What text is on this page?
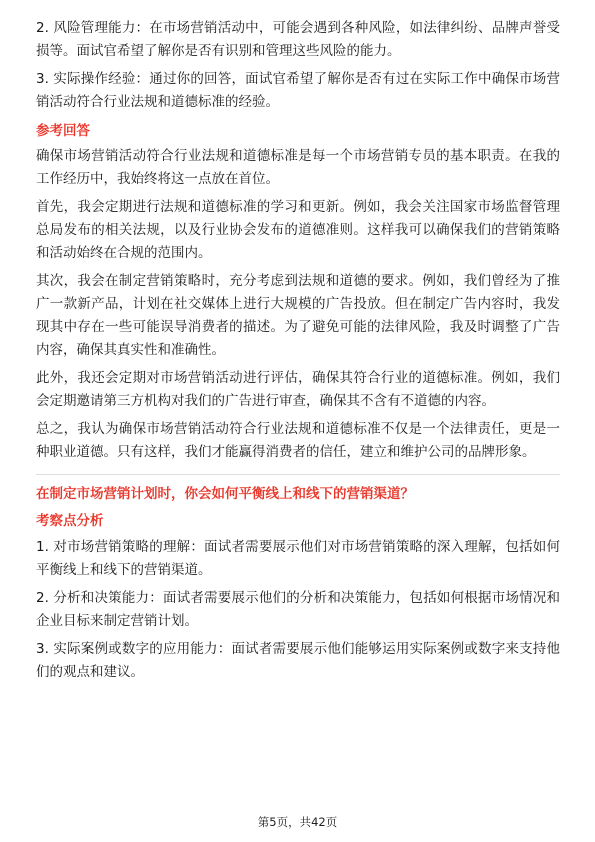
2. 风险管理能力：在市场营销活动中，可能会遇到各种风险，如法律纠纷、品牌声誉受损等。面试官希望了解你是否有识别和管理这些风险的能力。

3. 实际操作经验：通过你的回答，面试官希望了解你是否有过在实际工作中确保市场营销活动符合行业法规和道德标准的经验。

参考回答

确保市场营销活动符合行业法规和道德标准是每一个市场营销专员的基本职责。在我的工作经历中，我始终将这一点放在首位。

首先，我会定期进行法规和道德标准的学习和更新。例如，我会关注国家市场监督管理总局发布的相关法规，以及行业协会发布的道德准则。这样我可以确保我们的营销策略和活动始终在合规的范围内。

其次，我会在制定营销策略时，充分考虑到法规和道德的要求。例如，我们曾经为了推广一款新产品，计划在社交媒体上进行大规模的广告投放。但在制定广告内容时，我发现其中存在一些可能误导消费者的描述。为了避免可能的法律风险，我及时调整了广告内容，确保其真实性和准确性。

此外，我还会定期对市场营销活动进行评估，确保其符合行业的道德标准。例如，我们会定期邀请第三方机构对我们的广告进行审查，确保其不含有不道德的内容。

总之，我认为确保市场营销活动符合行业法规和道德标准不仅是一个法律责任，更是一种职业道德。只有这样，我们才能赢得消费者的信任，建立和维护公司的品牌形象。

在制定市场营销计划时，你会如何平衡线上和线下的营销渠道？
考察点分析

1. 对市场营销策略的理解：面试者需要展示他们对市场营销策略的深入理解，包括如何平衡线上和线下的营销渠道。

2. 分析和决策能力：面试者需要展示他们的分析和决策能力，包括如何根据市场情况和企业目标来制定营销计划。

3. 实际案例或数字的应用能力：面试者需要展示他们能够运用实际案例或数字来支持他们的观点和建议。

第5页，共42页
